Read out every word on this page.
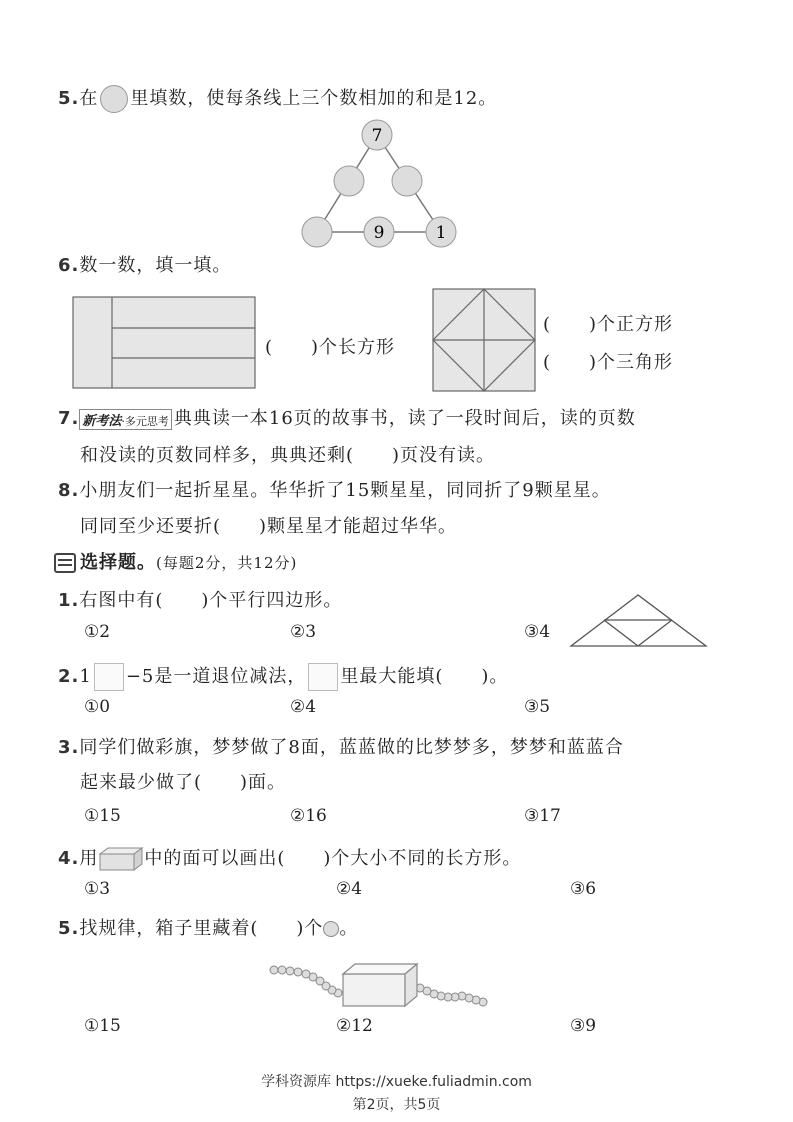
5.在 里填数，使每条线上三个数相加的和是12。
7
9	1
6.数一数，填一填。
(　　)个长方形
(　　)个正方形
(　　)个三角形
7. 新考法·多元思考 典典读一本16页的故事书，读了一段时间后，读的页数
和没读的页数同样多，典典还剩(　　)页没有读。
8.小朋友们一起折星星。华华折了15颗星星，同同折了9颗星星。
同同至少还要折(　　)颗星星才能超过华华。
选择题。(每题2分，共12分)
1.右图中有(　　)个平行四边形。
①2	②3	③4
2.1 −5是一道退位减法， 里最大能填(　　)。
①0	②4	③5
3.同学们做彩旗，梦梦做了8面，蓝蓝做的比梦梦多，梦梦和蓝蓝合
起来最少做了(　　)面。
①15	②16	③17
4.用	中的面可以画出(　　)个大小不同的长方形。
①3	②4	③6
5.找规律，箱子里藏着(　　)个 。
①15	②12	③9
学科资源库 https://xueke.fuliadmin.com
第2页，共5页
